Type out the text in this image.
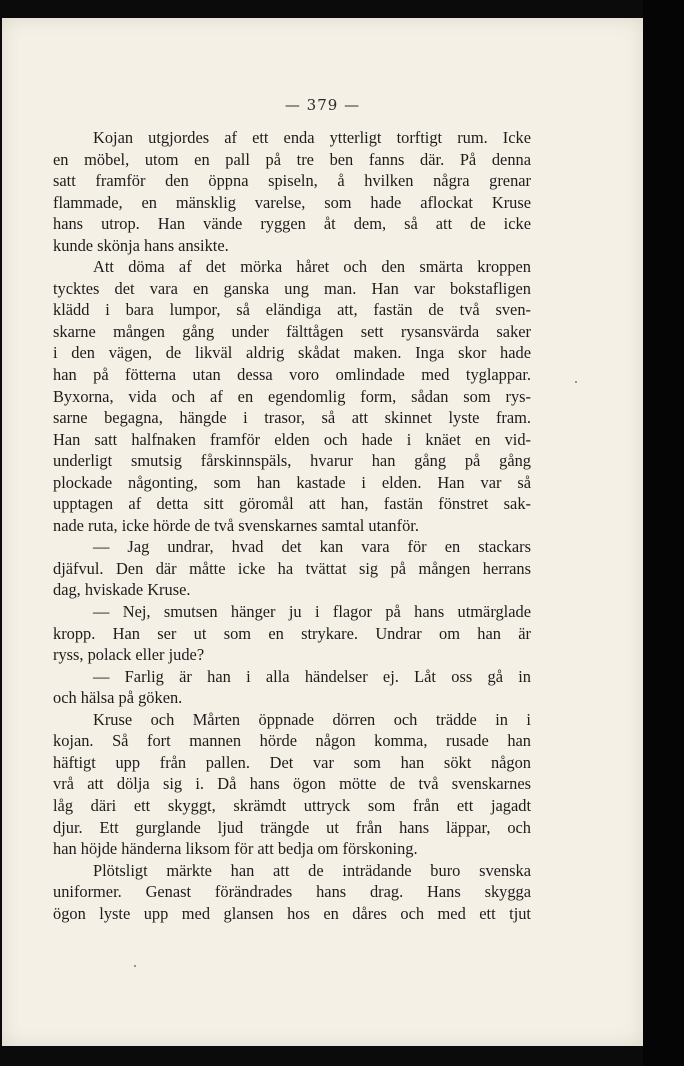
— 379 —
Kojan utgjordes af ett enda ytterligt torftigt rum. Icke
en möbel, utom en pall på tre ben fanns där. På denna
satt framför den öppna spiseln, å hvilken några grenar
flammade, en mänsklig varelse, som hade aflockat Kruse
hans utrop. Han vände ryggen åt dem, så att de icke
kunde skönja hans ansikte.
Att döma af det mörka håret och den smärta kroppen
tycktes det vara en ganska ung man. Han var bokstafligen
klädd i bara lumpor, så eländiga att, fastän de två sven-
skarne mången gång under fälttågen sett rysansvärda saker
i den vägen, de likväl aldrig skådat maken. Inga skor hade
han på fötterna utan dessa voro omlindade med tyglappar.
Byxorna, vida och af en egendomlig form, sådan som rys-
sarne begagna, hängde i trasor, så att skinnet lyste fram.
Han satt halfnaken framför elden och hade i knäet en vid-
underligt smutsig fårskinnspäls, hvarur han gång på gång
plockade någonting, som han kastade i elden. Han var så
upptagen af detta sitt göromål att han, fastän fönstret sak-
nade ruta, icke hörde de två svenskarnes samtal utanför.
— Jag undrar, hvad det kan vara för en stackars
djäfvul. Den där måtte icke ha tvättat sig på mången herrans
dag, hviskade Kruse.
— Nej, smutsen hänger ju i flagor på hans utmärglade
kropp. Han ser ut som en strykare. Undrar om han är
ryss, polack eller jude?
— Farlig är han i alla händelser ej. Låt oss gå in
och hälsa på göken.
Kruse och Mårten öppnade dörren och trädde in i
kojan. Så fort mannen hörde någon komma, rusade han
häftigt upp från pallen. Det var som han sökt någon
vrå att dölja sig i. Då hans ögon mötte de två svenskarnes
låg däri ett skyggt, skrämdt uttryck som från ett jagadt
djur. Ett gurglande ljud trängde ut från hans läppar, och
han höjde händerna liksom för att bedja om förskoning.
Plötsligt märkte han att de inträdande buro svenska
uniformer. Genast förändrades hans drag. Hans skygga
ögon lyste upp med glansen hos en dåres och med ett tjut
